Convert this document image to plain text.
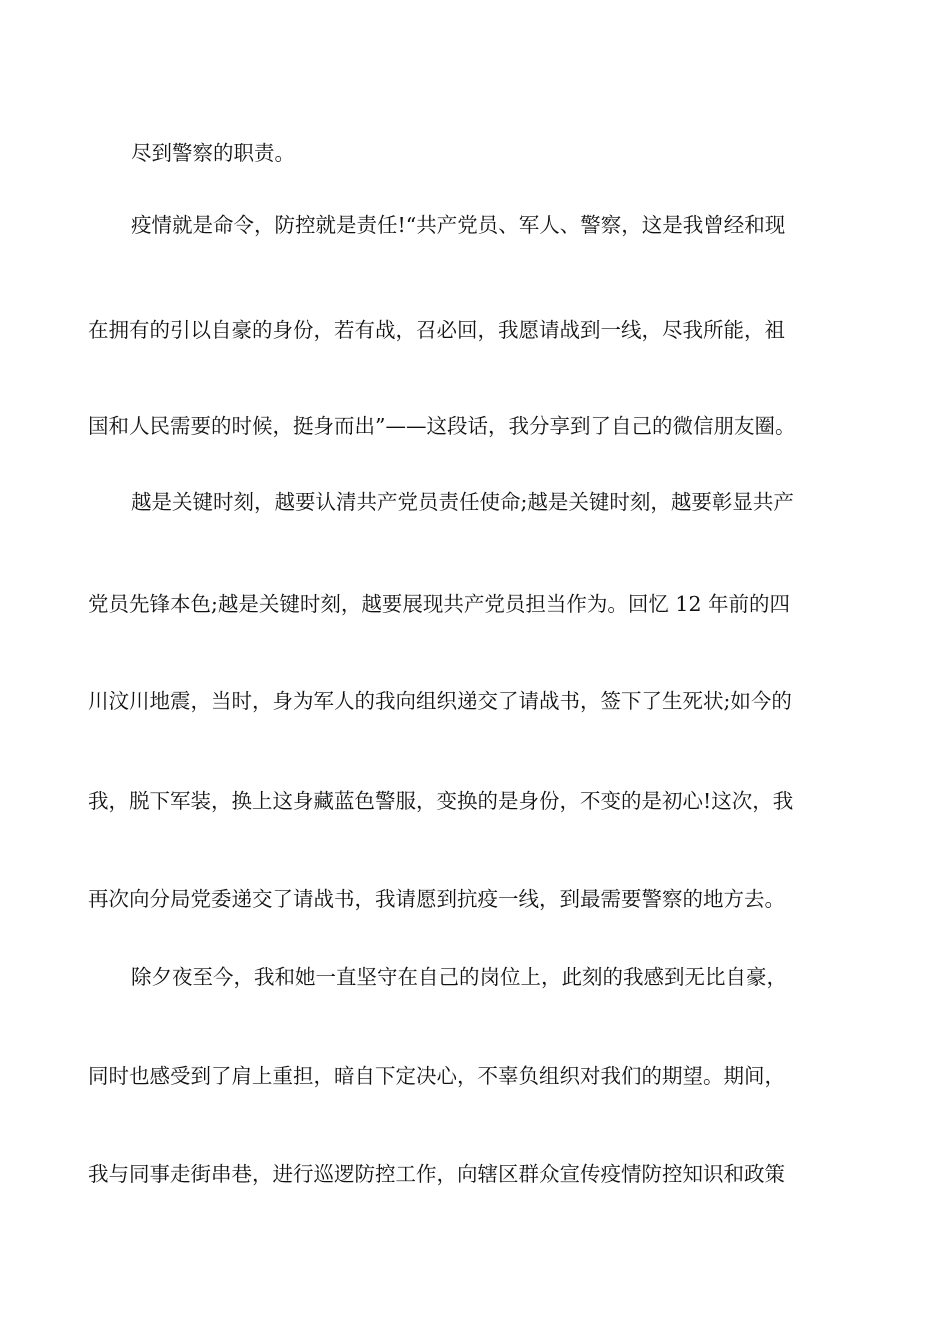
尽到警察的职责。
疫情就是命令，防控就是责任!“共产党员、军人、警察，这是我曾经和现
在拥有的引以自豪的身份，若有战，召必回，我愿请战到一线，尽我所能，祖
国和人民需要的时候，挺身而出”——这段话，我分享到了自己的微信朋友圈。
越是关键时刻，越要认清共产党员责任使命;越是关键时刻，越要彰显共产
党员先锋本色;越是关键时刻，越要展现共产党员担当作为。回忆 12 年前的四
川汶川地震，当时，身为军人的我向组织递交了请战书，签下了生死状;如今的
我，脱下军装，换上这身藏蓝色警服，变换的是身份，不变的是初心!这次，我
再次向分局党委递交了请战书，我请愿到抗疫一线，到最需要警察的地方去。
除夕夜至今，我和她一直坚守在自己的岗位上，此刻的我感到无比自豪，
同时也感受到了肩上重担，暗自下定决心，不辜负组织对我们的期望。期间，
我与同事走街串巷，进行巡逻防控工作，向辖区群众宣传疫情防控知识和政策
